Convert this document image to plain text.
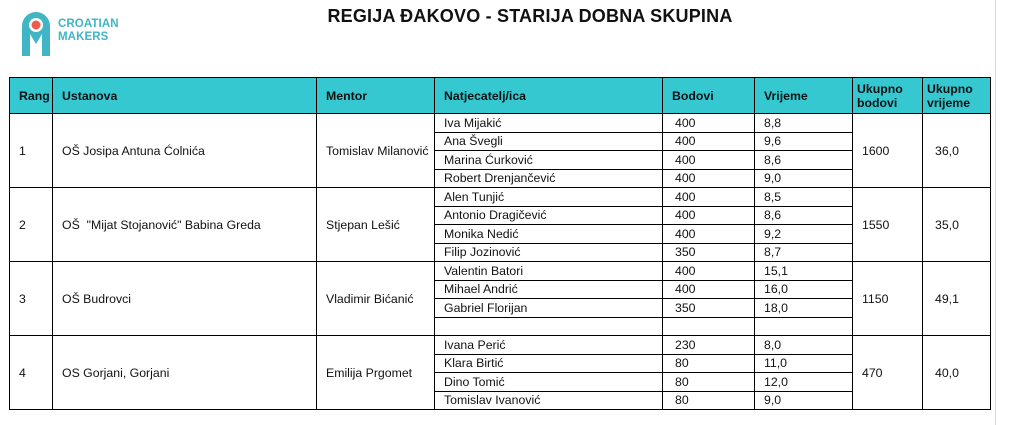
CROATIAN
MAKERS
REGIJA ĐAKOVO - STARIJA DOBNA SKUPINA
Rang	Ustanova	Mentor	Natjecatelj/ica	Bodovi	Vrijeme	Ukupno bodovi	Ukupno vrijeme
1	OŠ Josipa Antuna Ćolnića	Tomislav Milanović	Iva Mijakić	400	8,8	1600	36,0
			Ana Švegli	400	9,6		
			Marina Ćurković	400	8,6		
			Robert Drenjančević	400	9,0		
2	OŠ  "Mijat Stojanović" Babina Greda	Stjepan Lešić	Alen Tunjić	400	8,5	1550	35,0
			Antonio Dragičević	400	8,6		
			Monika Nedić	400	9,2		
			Filip Jozinović	350	8,7		
3	OŠ Budrovci	Vladimir Bićanić	Valentin Batori	400	15,1	1150	49,1
			Mihael Andrić	400	16,0		
			Gabriel Florijan	350	18,0		

4	OS Gorjani, Gorjani	Emilija Prgomet	Ivana Perić	230	8,0	470	40,0
			Klara Birtić	80	11,0		
			Dino Tomić	80	12,0		
			Tomislav Ivanović	80	9,0		
